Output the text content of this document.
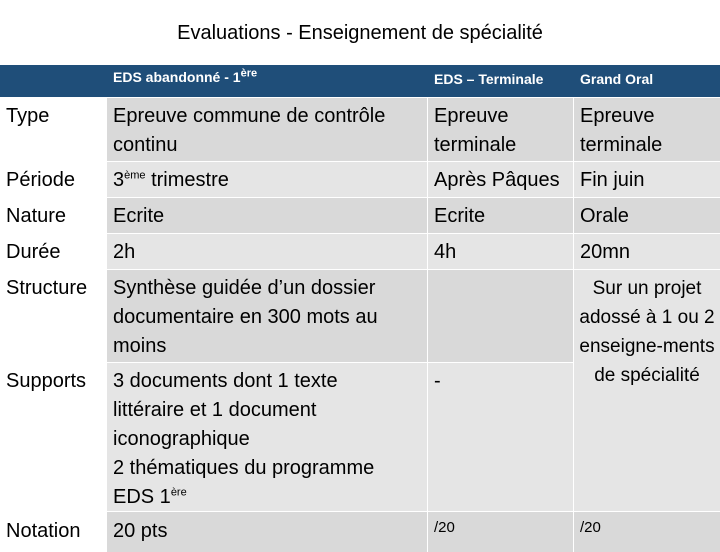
Evaluations - Enseignement de spécialité
EDS abandonné - 1ère	EDS – Terminale	Grand Oral
Type
Période
Nature
Durée
Structure
Supports
Notation
Epreuve commune de contrôle continu
3ème trimestre
Ecrite
2h
Synthèse guidée d’un dossier documentaire en 300 mots au moins
3 documents dont 1 texte littéraire et 1 document iconographique
2 thématiques du programme EDS 1ère
20 pts
Epreuve terminale
Après Pâques
Ecrite
4h
-
/20
Epreuve terminale
Fin juin
Orale
20mn
Sur un projet adossé à 1 ou 2 enseigne-ments de spécialité
/20
